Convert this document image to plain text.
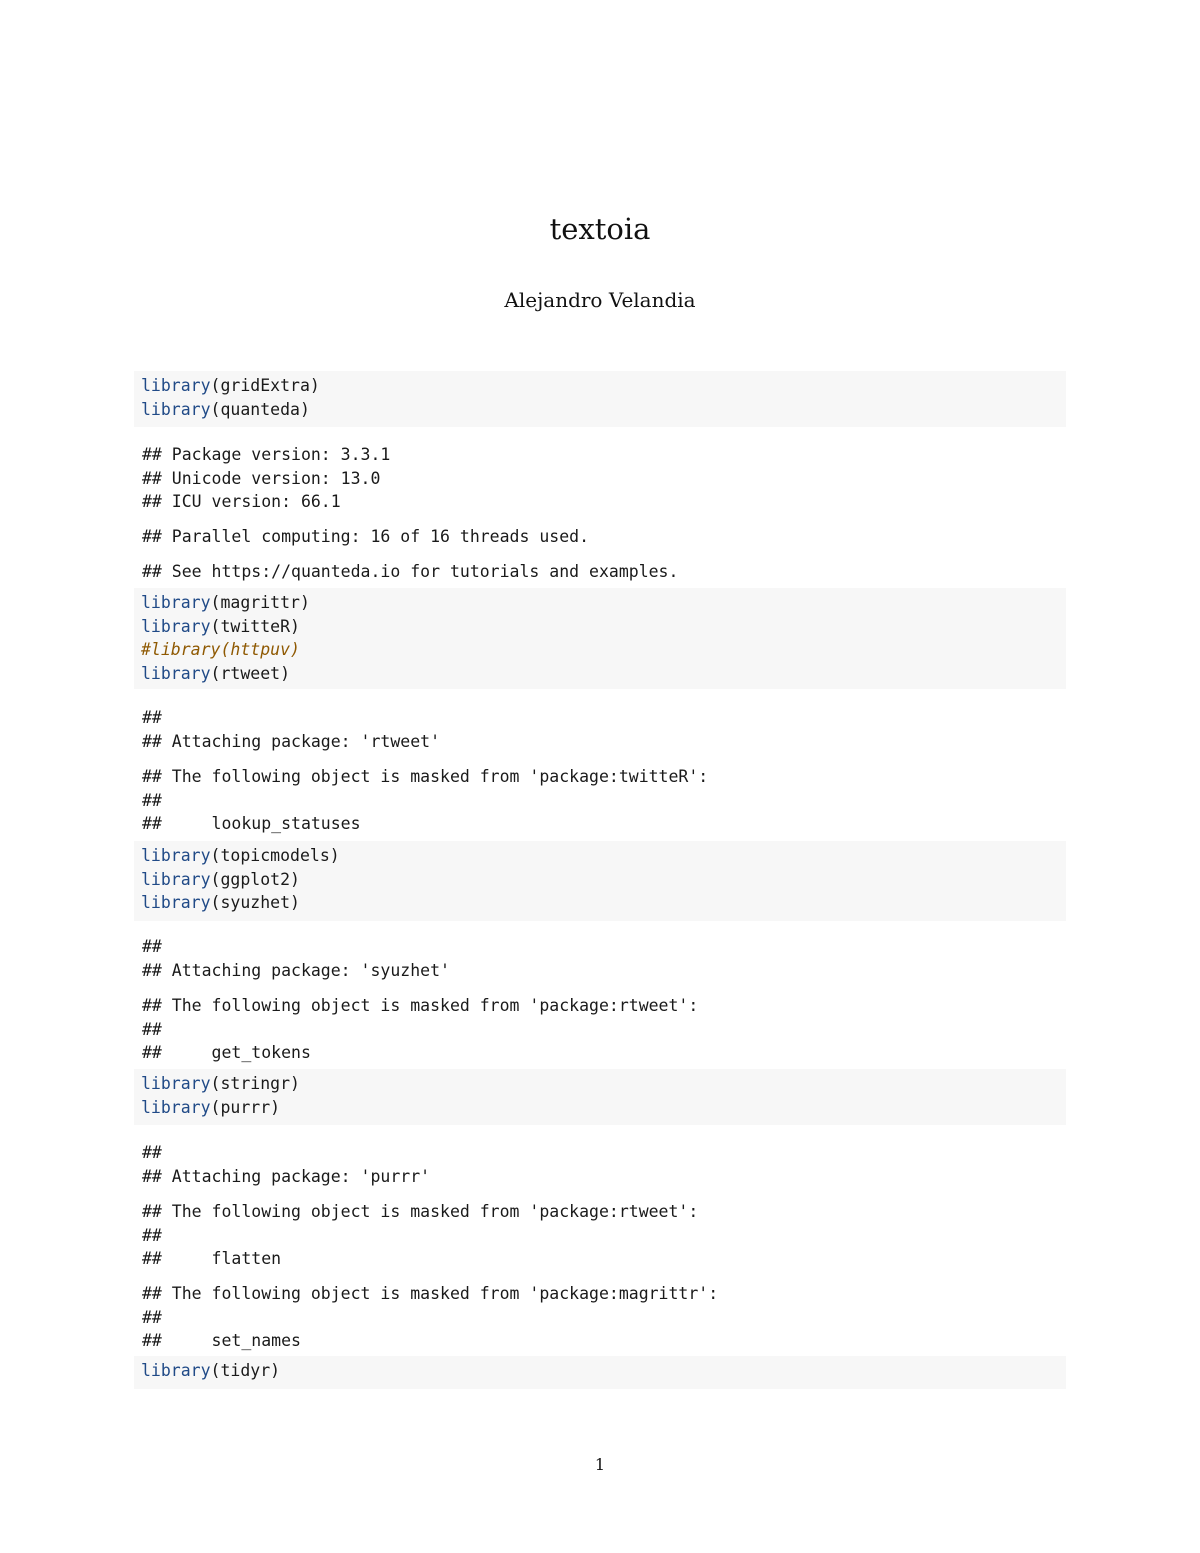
textoia
Alejandro Velandia
library(gridExtra)
library(quanteda)
## Package version: 3.3.1
## Unicode version: 13.0
## ICU version: 66.1
## Parallel computing: 16 of 16 threads used.
## See https://quanteda.io for tutorials and examples.
library(magrittr)
library(twitteR)
#library(httpuv)
library(rtweet)
##
## Attaching package: 'rtweet'
## The following object is masked from 'package:twitteR':
##
##     lookup_statuses
library(topicmodels)
library(ggplot2)
library(syuzhet)
##
## Attaching package: 'syuzhet'
## The following object is masked from 'package:rtweet':
##
##     get_tokens
library(stringr)
library(purrr)
##
## Attaching package: 'purrr'
## The following object is masked from 'package:rtweet':
##
##     flatten
## The following object is masked from 'package:magrittr':
##
##     set_names
library(tidyr)
1
